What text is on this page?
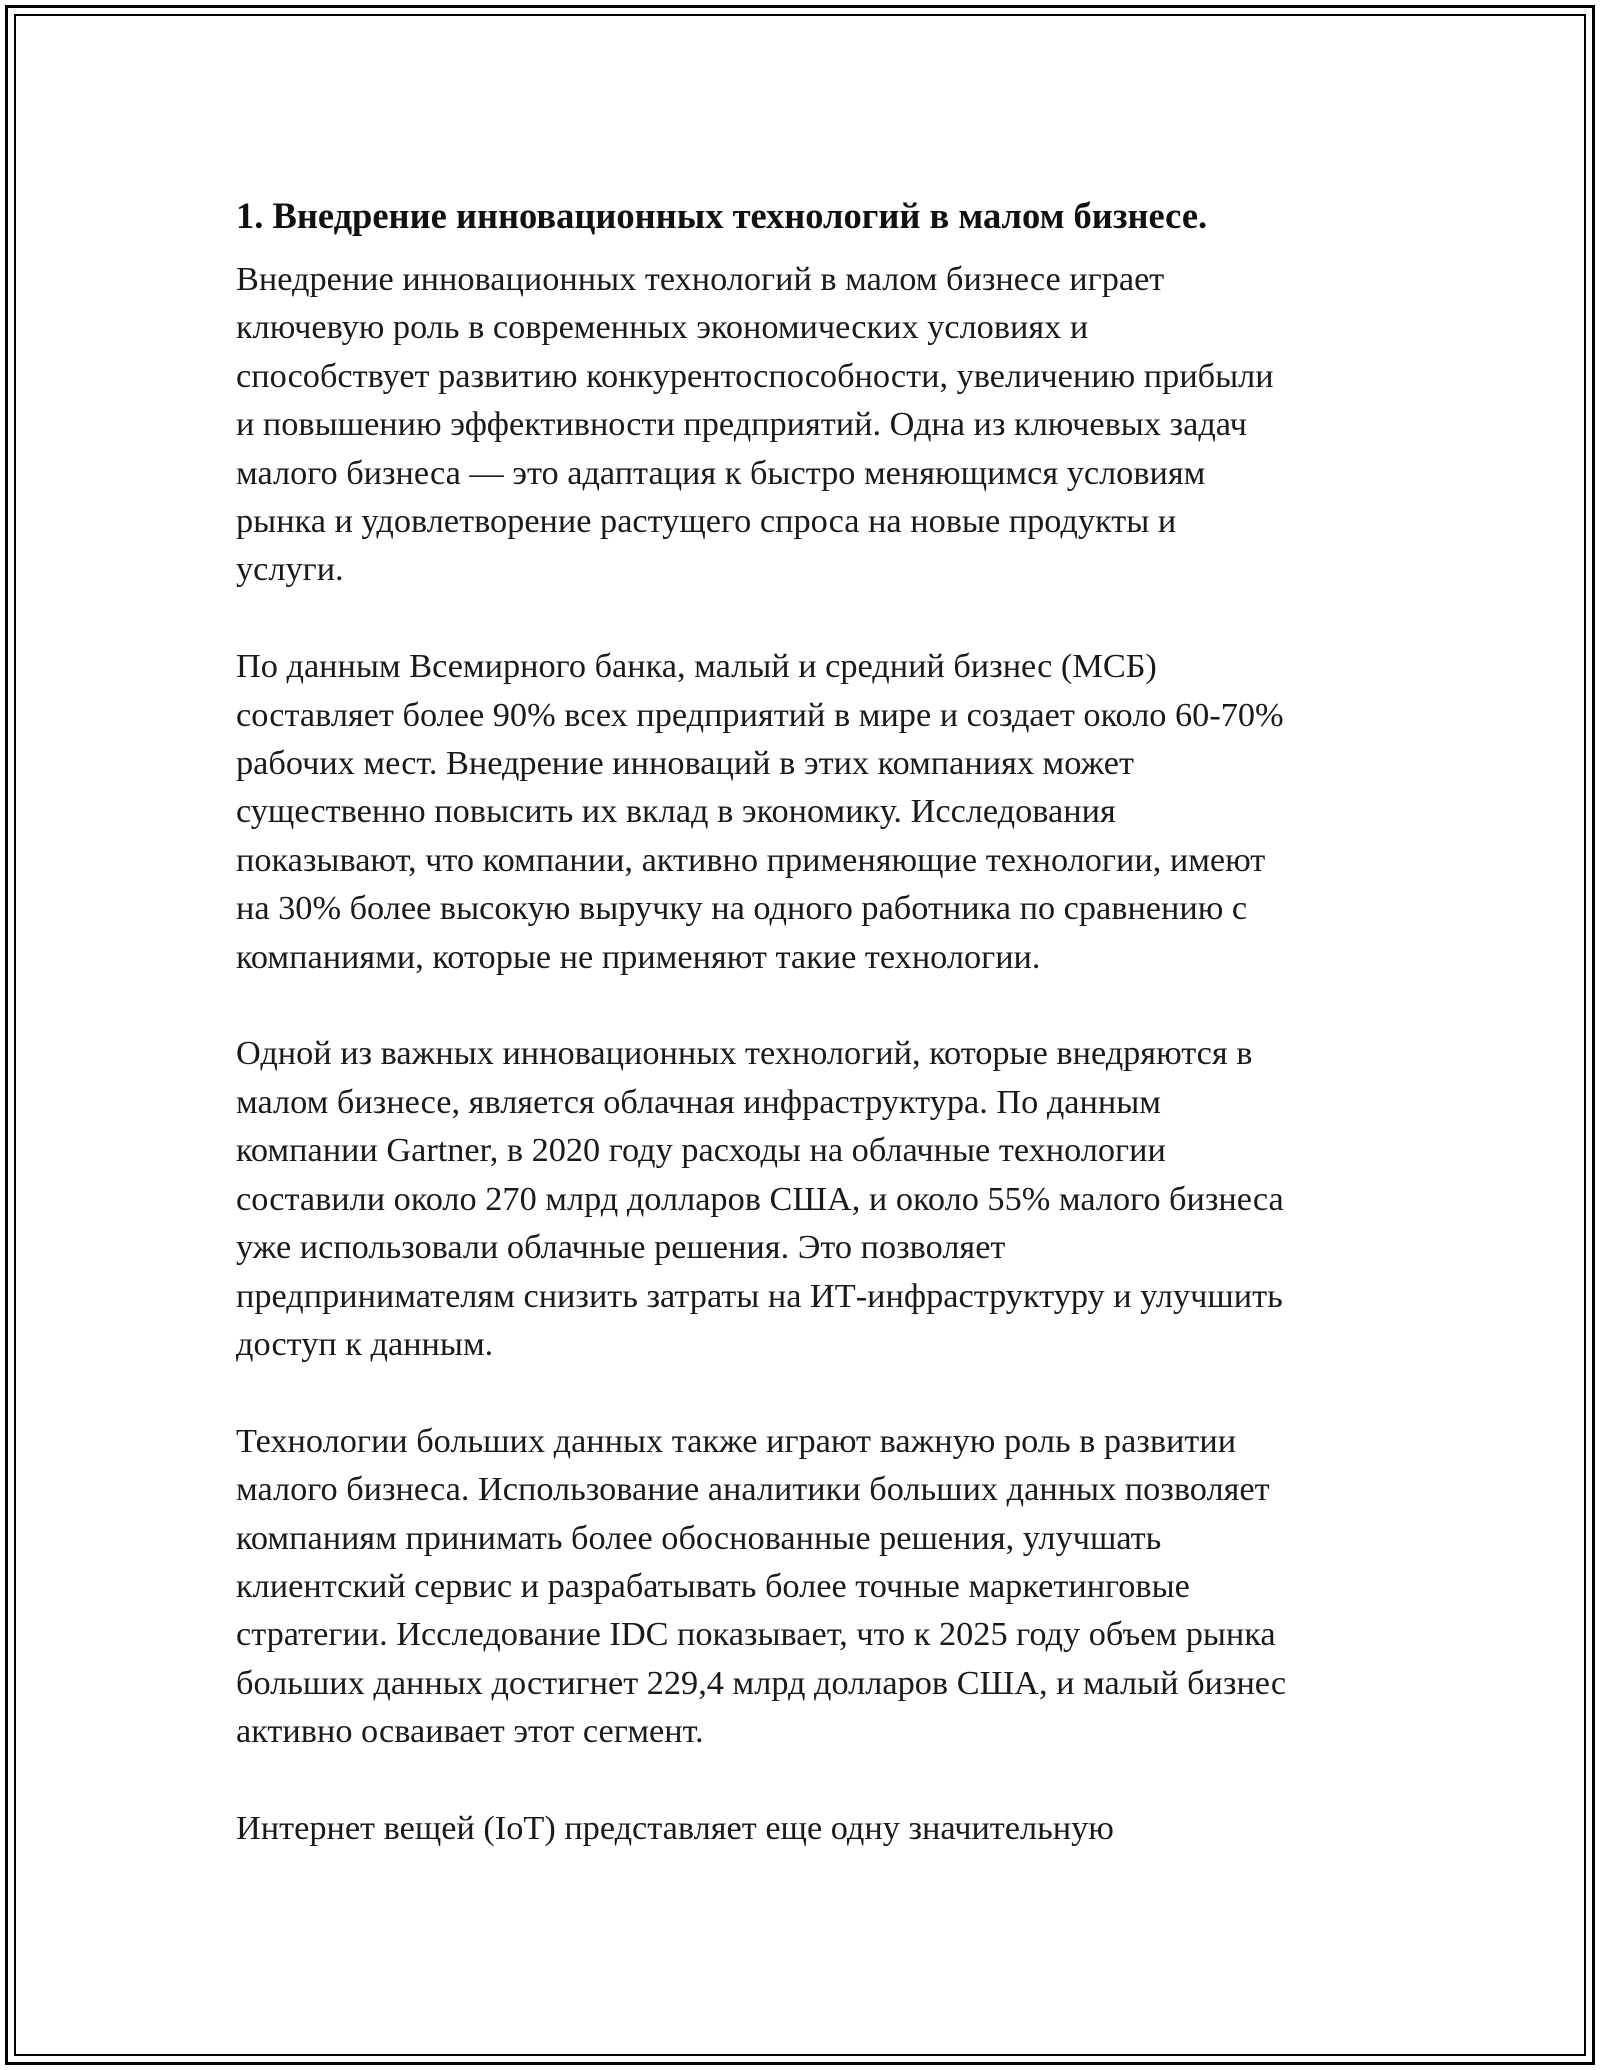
1. Внедрение инновационных технологий в малом бизнесе.

Внедрение инновационных технологий в малом бизнесе играет
ключевую роль в современных экономических условиях и
способствует развитию конкурентоспособности, увеличению прибыли
и повышению эффективности предприятий. Одна из ключевых задач
малого бизнеса — это адаптация к быстро меняющимся условиям
рынка и удовлетворение растущего спроса на новые продукты и
услуги.

По данным Всемирного банка, малый и средний бизнес (МСБ)
составляет более 90% всех предприятий в мире и создает около 60-70%
рабочих мест. Внедрение инноваций в этих компаниях может
существенно повысить их вклад в экономику. Исследования
показывают, что компании, активно применяющие технологии, имеют
на 30% более высокую выручку на одного работника по сравнению с
компаниями, которые не применяют такие технологии.

Одной из важных инновационных технологий, которые внедряются в
малом бизнесе, является облачная инфраструктура. По данным
компании Gartner, в 2020 году расходы на облачные технологии
составили около 270 млрд долларов США, и около 55% малого бизнеса
уже использовали облачные решения. Это позволяет
предпринимателям снизить затраты на ИТ-инфраструктуру и улучшить
доступ к данным.

Технологии больших данных также играют важную роль в развитии
малого бизнеса. Использование аналитики больших данных позволяет
компаниям принимать более обоснованные решения, улучшать
клиентский сервис и разрабатывать более точные маркетинговые
стратегии. Исследование IDC показывает, что к 2025 году объем рынка
больших данных достигнет 229,4 млрд долларов США, и малый бизнес
активно осваивает этот сегмент.

Интернет вещей (IoT) представляет еще одну значительную
